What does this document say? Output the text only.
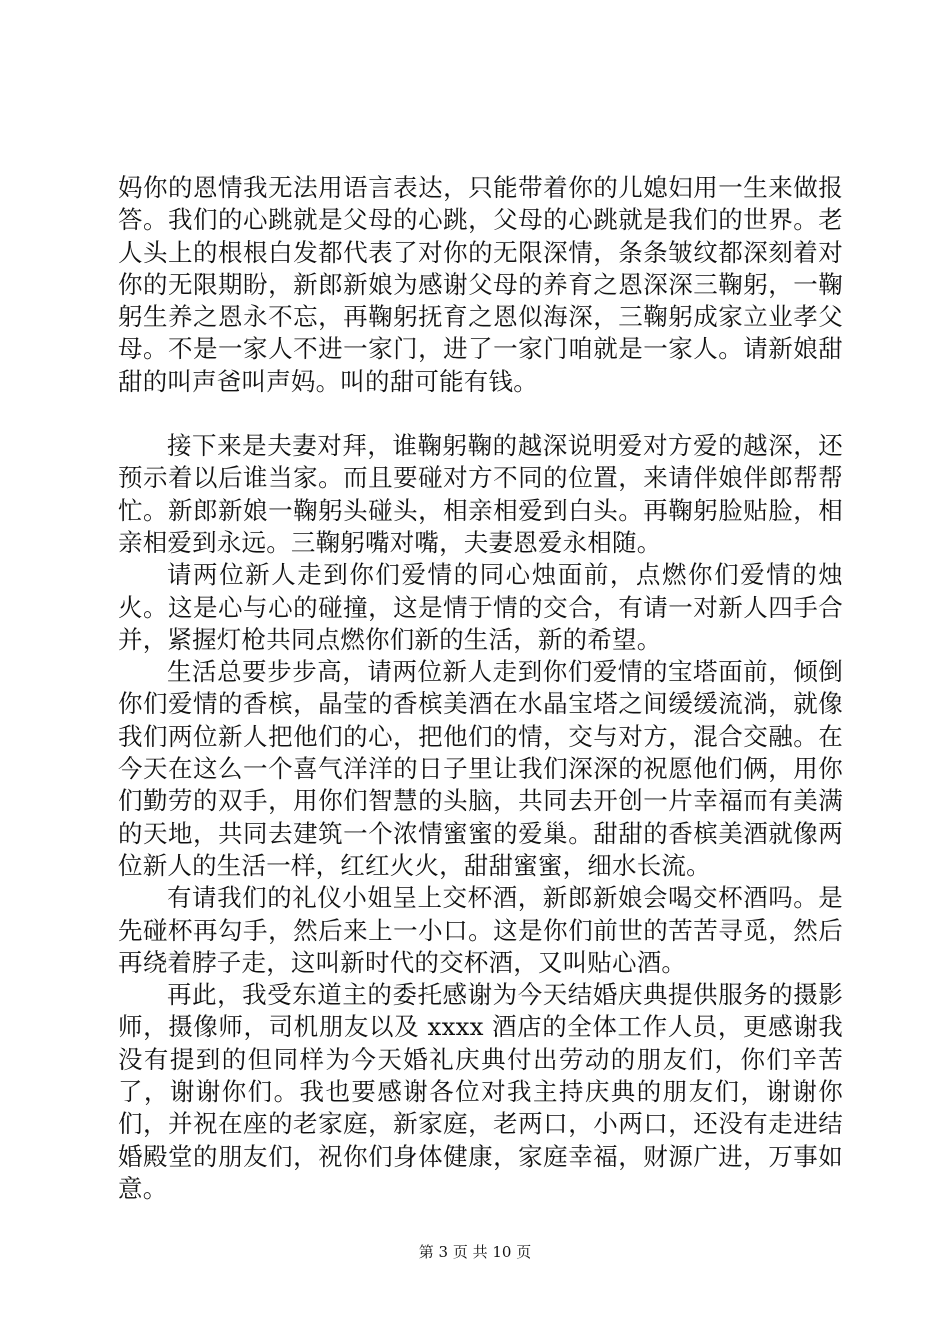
妈你的恩情我无法用语言表达，只能带着你的儿媳妇用一生来做报答。我们的心跳就是父母的心跳，父母的心跳就是我们的世界。老人头上的根根白发都代表了对你的无限深情，条条皱纹都深刻着对你的无限期盼，新郎新娘为感谢父母的养育之恩深深三鞠躬，一鞠躬生养之恩永不忘，再鞠躬抚育之恩似海深，三鞠躬成家立业孝父母。不是一家人不进一家门，进了一家门咱就是一家人。请新娘甜甜的叫声爸叫声妈。叫的甜可能有钱。

接下来是夫妻对拜，谁鞠躬鞠的越深说明爱对方爱的越深，还预示着以后谁当家。而且要碰对方不同的位置，来请伴娘伴郎帮帮忙。新郎新娘一鞠躬头碰头，相亲相爱到白头。再鞠躬脸贴脸，相亲相爱到永远。三鞠躬嘴对嘴，夫妻恩爱永相随。

请两位新人走到你们爱情的同心烛面前，点燃你们爱情的烛火。这是心与心的碰撞，这是情于情的交合，有请一对新人四手合并，紧握灯枪共同点燃你们新的生活，新的希望。

生活总要步步高，请两位新人走到你们爱情的宝塔面前，倾倒你们爱情的香槟，晶莹的香槟美酒在水晶宝塔之间缓缓流淌，就像我们两位新人把他们的心，把他们的情，交与对方，混合交融。在今天在这么一个喜气洋洋的日子里让我们深深的祝愿他们俩，用你们勤劳的双手，用你们智慧的头脑，共同去开创一片幸福而有美满的天地，共同去建筑一个浓情蜜蜜的爱巢。甜甜的香槟美酒就像两位新人的生活一样，红红火火，甜甜蜜蜜，细水长流。

有请我们的礼仪小姐呈上交杯酒，新郎新娘会喝交杯酒吗。是先碰杯再勾手，然后来上一小口。这是你们前世的苦苦寻觅，然后再绕着脖子走，这叫新时代的交杯酒，又叫贴心酒。

再此，我受东道主的委托感谢为今天结婚庆典提供服务的摄影师，摄像师，司机朋友以及 xxxx 酒店的全体工作人员，更感谢我没有提到的但同样为今天婚礼庆典付出劳动的朋友们，你们辛苦了，谢谢你们。我也要感谢各位对我主持庆典的朋友们，谢谢你们，并祝在座的老家庭，新家庭，老两口，小两口，还没有走进结婚殿堂的朋友们，祝你们身体健康，家庭幸福，财源广进，万事如意。

第 3 页 共 10 页
